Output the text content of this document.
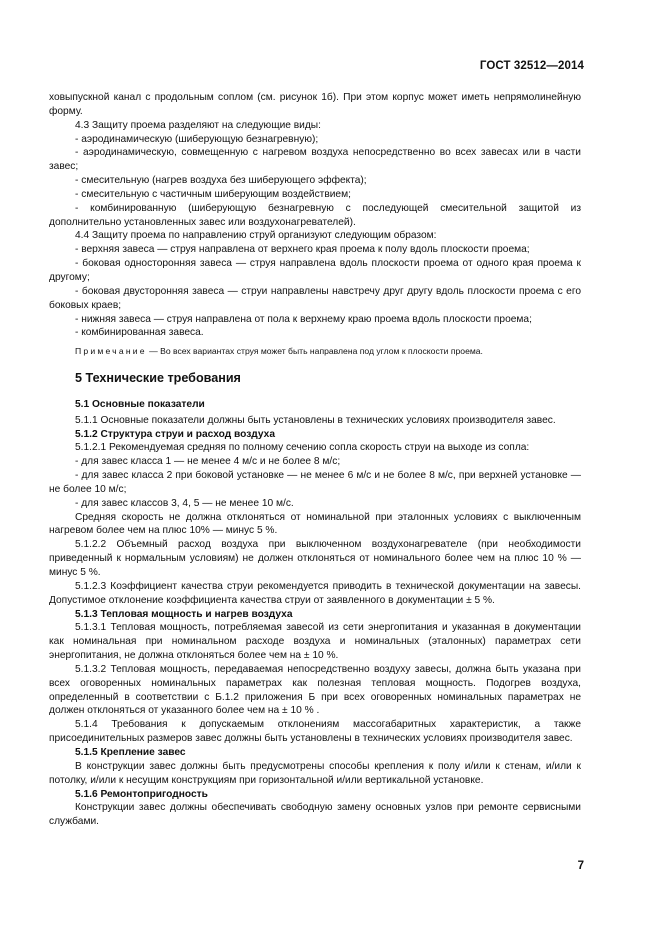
ГОСТ 32512—2014

ховыпускной канал с продольным соплом (см. рисунок 1б). При этом корпус может иметь непрямолинейную форму.

4.3 Защиту проема разделяют на следующие виды:

- аэродинамическую (шиберующую безнагревную);

- аэродинамическую, совмещенную с нагревом воздуха непосредственно во всех завесах или в части завес;

- смесительную (нагрев воздуха без шиберующего эффекта);

- смесительную с частичным шиберующим воздействием;

- комбинированную (шиберующую безнагревную с последующей смесительной защитой из дополнительно установленных завес или воздухонагревателей).

4.4 Защиту проема по направлению струй организуют следующим образом:

- верхняя завеса — струя направлена от верхнего края проема к полу вдоль плоскости проема;

- боковая односторонняя завеса — струя направлена вдоль плоскости проема от одного края проема к другому;

- боковая двусторонняя завеса — струи направлены навстречу друг другу вдоль плоскости проема с его боковых краев;

- нижняя завеса — струя направлена от пола к верхнему краю проема вдоль плоскости проема;

- комбинированная завеса.

Примечание — Во всех вариантах струя может быть направлена под углом к плоскости проема.

5 Технические требования

5.1 Основные показатели

5.1.1 Основные показатели должны быть установлены в технических условиях производителя завес.

5.1.2 Структура струи и расход воздуха

5.1.2.1 Рекомендуемая средняя по полному сечению сопла скорость струи на выходе из сопла:

- для завес класса 1 — не менее 4 м/с и не более 8 м/с;

- для завес класса 2 при боковой установке — не менее 6 м/с и не более 8 м/с, при верхней установке — не более 10 м/с;

- для завес классов 3, 4, 5 — не менее 10 м/с.

Средняя скорость не должна отклоняться от номинальной при эталонных условиях с выключенным нагревом более чем на плюс 10% — минус 5 %.

5.1.2.2 Объемный расход воздуха при выключенном воздухонагревателе (при необходимости приведенный к нормальным условиям) не должен отклоняться от номинального более чем на плюс 10 % — минус 5 %.

5.1.2.3 Коэффициент качества струи рекомендуется приводить в технической документации на завесы. Допустимое отклонение коэффициента качества струи от заявленного в документации ± 5 %.

5.1.3 Тепловая мощность и нагрев воздуха

5.1.3.1 Тепловая мощность, потребляемая завесой из сети энергопитания и указанная в документации как номинальная при номинальном расходе воздуха и номинальных (эталонных) параметрах сети энергопитания, не должна отклоняться более чем на ± 10 %.

5.1.3.2 Тепловая мощность, передаваемая непосредственно воздуху завесы, должна быть указана при всех оговоренных номинальных параметрах как полезная тепловая мощность. Подогрев воздуха, определенный в соответствии с Б.1.2 приложения Б при всех оговоренных номинальных параметрах не должен отклоняться от указанного более чем на ± 10 % .

5.1.4 Требования к допускаемым отклонениям массогабаритных характеристик, а также присоединительных размеров завес должны быть установлены в технических условиях производителя завес.

5.1.5 Крепление завес

В конструкции завес должны быть предусмотрены способы крепления к полу и/или к стенам, и/или к потолку, и/или к несущим конструкциям при горизонтальной и/или вертикальной установке.

5.1.6 Ремонтопригодность

Конструкции завес должны обеспечивать свободную замену основных узлов при ремонте сервисными службами.

7
